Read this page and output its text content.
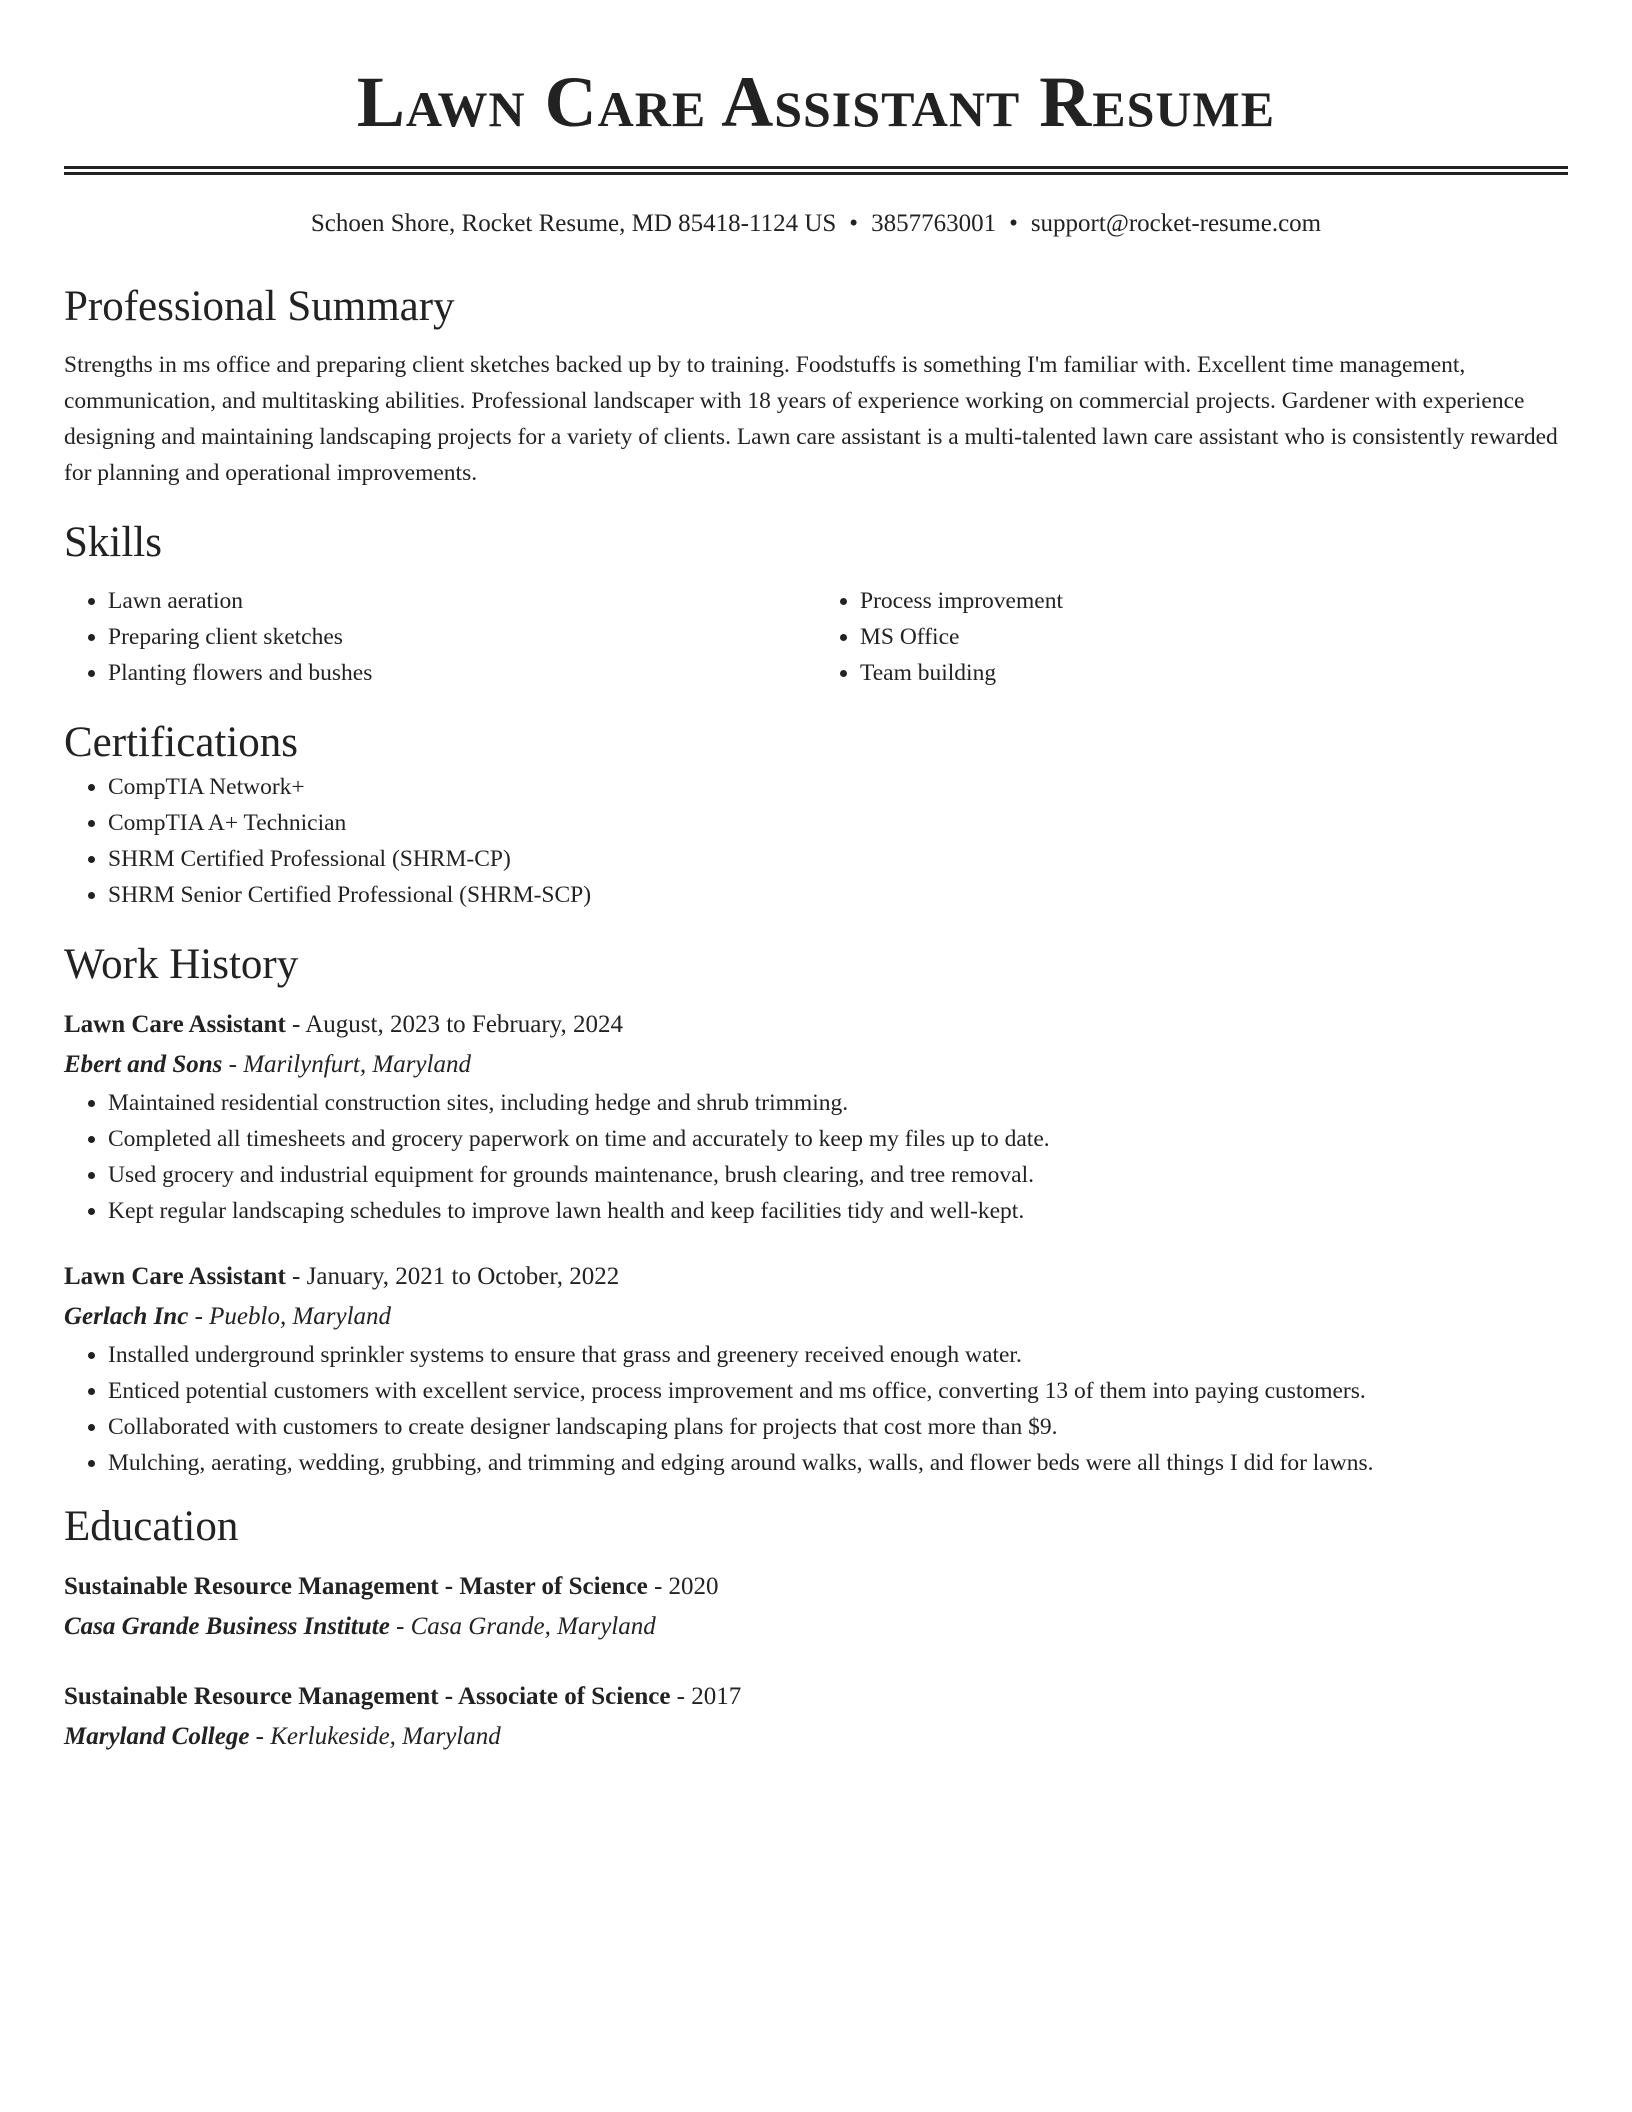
Lawn Care Assistant Resume
Schoen Shore, Rocket Resume, MD 85418-1124 US • 3857763001 • support@rocket-resume.com
Professional Summary

Strengths in ms office and preparing client sketches backed up by to training. Foodstuffs is something I'm familiar with. Excellent time management, communication, and multitasking abilities. Professional landscaper with 18 years of experience working on commercial projects. Gardener with experience designing and maintaining landscaping projects for a variety of clients. Lawn care assistant is a multi-talented lawn care assistant who is consistently rewarded for planning and operational improvements.

Skills
• Lawn aeration
• Preparing client sketches
• Planting flowers and bushes
• Process improvement
• MS Office
• Team building
Certifications
• CompTIA Network+
• CompTIA A+ Technician
• SHRM Certified Professional (SHRM-CP)
• SHRM Senior Certified Professional (SHRM-SCP)
Work History
Lawn Care Assistant - August, 2023 to February, 2024
Ebert and Sons - Marilynfurt, Maryland
• Maintained residential construction sites, including hedge and shrub trimming.
• Completed all timesheets and grocery paperwork on time and accurately to keep my files up to date.
• Used grocery and industrial equipment for grounds maintenance, brush clearing, and tree removal.
• Kept regular landscaping schedules to improve lawn health and keep facilities tidy and well-kept.
Lawn Care Assistant - January, 2021 to October, 2022
Gerlach Inc - Pueblo, Maryland
• Installed underground sprinkler systems to ensure that grass and greenery received enough water.
• Enticed potential customers with excellent service, process improvement and ms office, converting 13 of them into paying customers.
• Collaborated with customers to create designer landscaping plans for projects that cost more than $9.
• Mulching, aerating, wedding, grubbing, and trimming and edging around walks, walls, and flower beds were all things I did for lawns.
Education
Sustainable Resource Management - Master of Science - 2020
Casa Grande Business Institute - Casa Grande, Maryland
Sustainable Resource Management - Associate of Science - 2017
Maryland College - Kerlukeside, Maryland
